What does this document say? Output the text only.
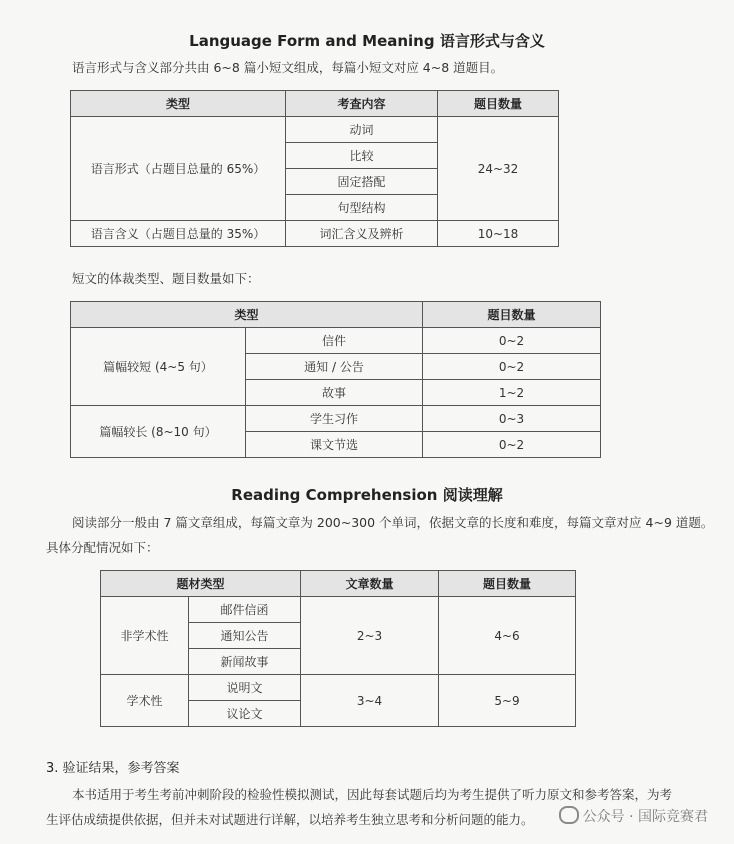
Language Form and Meaning 语言形式与含义
语言形式与含义部分共由 6~8 篇小短文组成，每篇小短文对应 4~8 道题目。
类型	考查内容	题目数量
语言形式（占题目总量的 65%）	动词	24~32
	比较	
	固定搭配	
	句型结构	
语言含义（占题目总量的 35%）	词汇含义及辨析	10~18
短文的体裁类型、题目数量如下：
类型		题目数量
篇幅较短 (4~5 句）	信件	0~2
	通知 / 公告	0~2
	故事	1~2
篇幅较长 (8~10 句）	学生习作	0~3
	课文节选	0~2
Reading Comprehension 阅读理解
阅读部分一般由 7 篇文章组成，每篇文章为 200~300 个单词，依据文章的长度和难度，每篇文章对应 4~9 道题。
具体分配情况如下：
题材类型		文章数量	题目数量
非学术性	邮件信函	2~3	4~6
	通知公告		
	新闻故事		
学术性	说明文	3~4	5~9
	议论文		
3. 验证结果，参考答案
本书适用于考生考前冲刺阶段的检验性模拟测试，因此每套试题后均为考生提供了听力原文和参考答案，为考
生评估成绩提供依据，但并未对试题进行详解，以培养考生独立思考和分析问题的能力。	公众号 · 国际竞赛君
